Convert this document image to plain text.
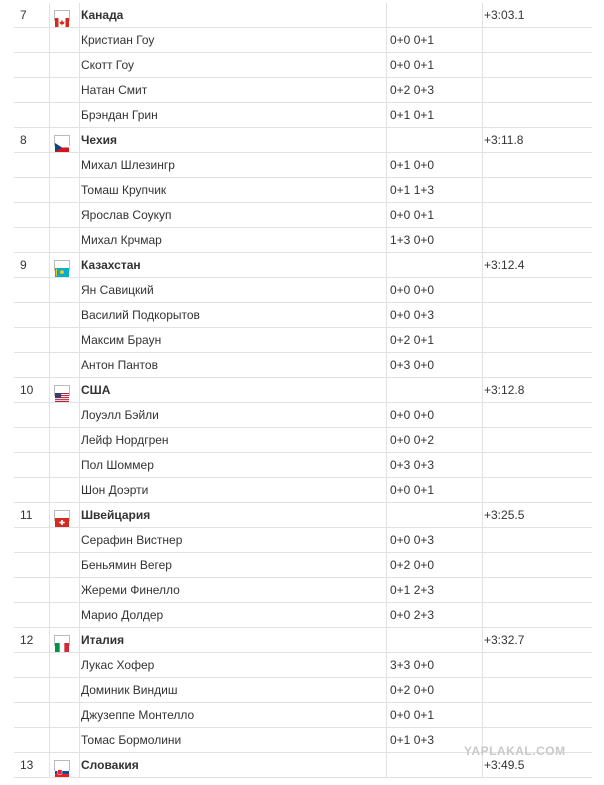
7	Канада	+3:03.1
Кристиан Гоу	0+0 0+1
Скотт Гоу	0+0 0+1
Натан Смит	0+2 0+3
Брэндан Грин	0+1 0+1
8	Чехия	+3:11.8
Михал Шлезингр	0+1 0+0
Томаш Крупчик	0+1 1+3
Ярослав Соукуп	0+0 0+1
Михал Крчмар	1+3 0+0
9	Казахстан	+3:12.4
Ян Савицкий	0+0 0+0
Василий Подкорытов	0+0 0+3
Максим Браун	0+2 0+1
Антон Пантов	0+3 0+0
10	США	+3:12.8
Лоуэлл Бэйли	0+0 0+0
Лейф Нордгрен	0+0 0+2
Пол Шоммер	0+3 0+3
Шон Доэрти	0+0 0+1
11	Швейцария	+3:25.5
Серафин Вистнер	0+0 0+3
Беньямин Вегер	0+2 0+0
Жереми Финелло	0+1 2+3
Марио Долдер	0+0 2+3
12	Италия	+3:32.7
Лукас Хофер	3+3 0+0
Доминик Виндиш	0+2 0+0
Джузеппе Монтелло	0+0 0+1
Томас Бормолини	0+1 0+3
13	Словакия	+3:49.5
YAPLAKAL.COM
